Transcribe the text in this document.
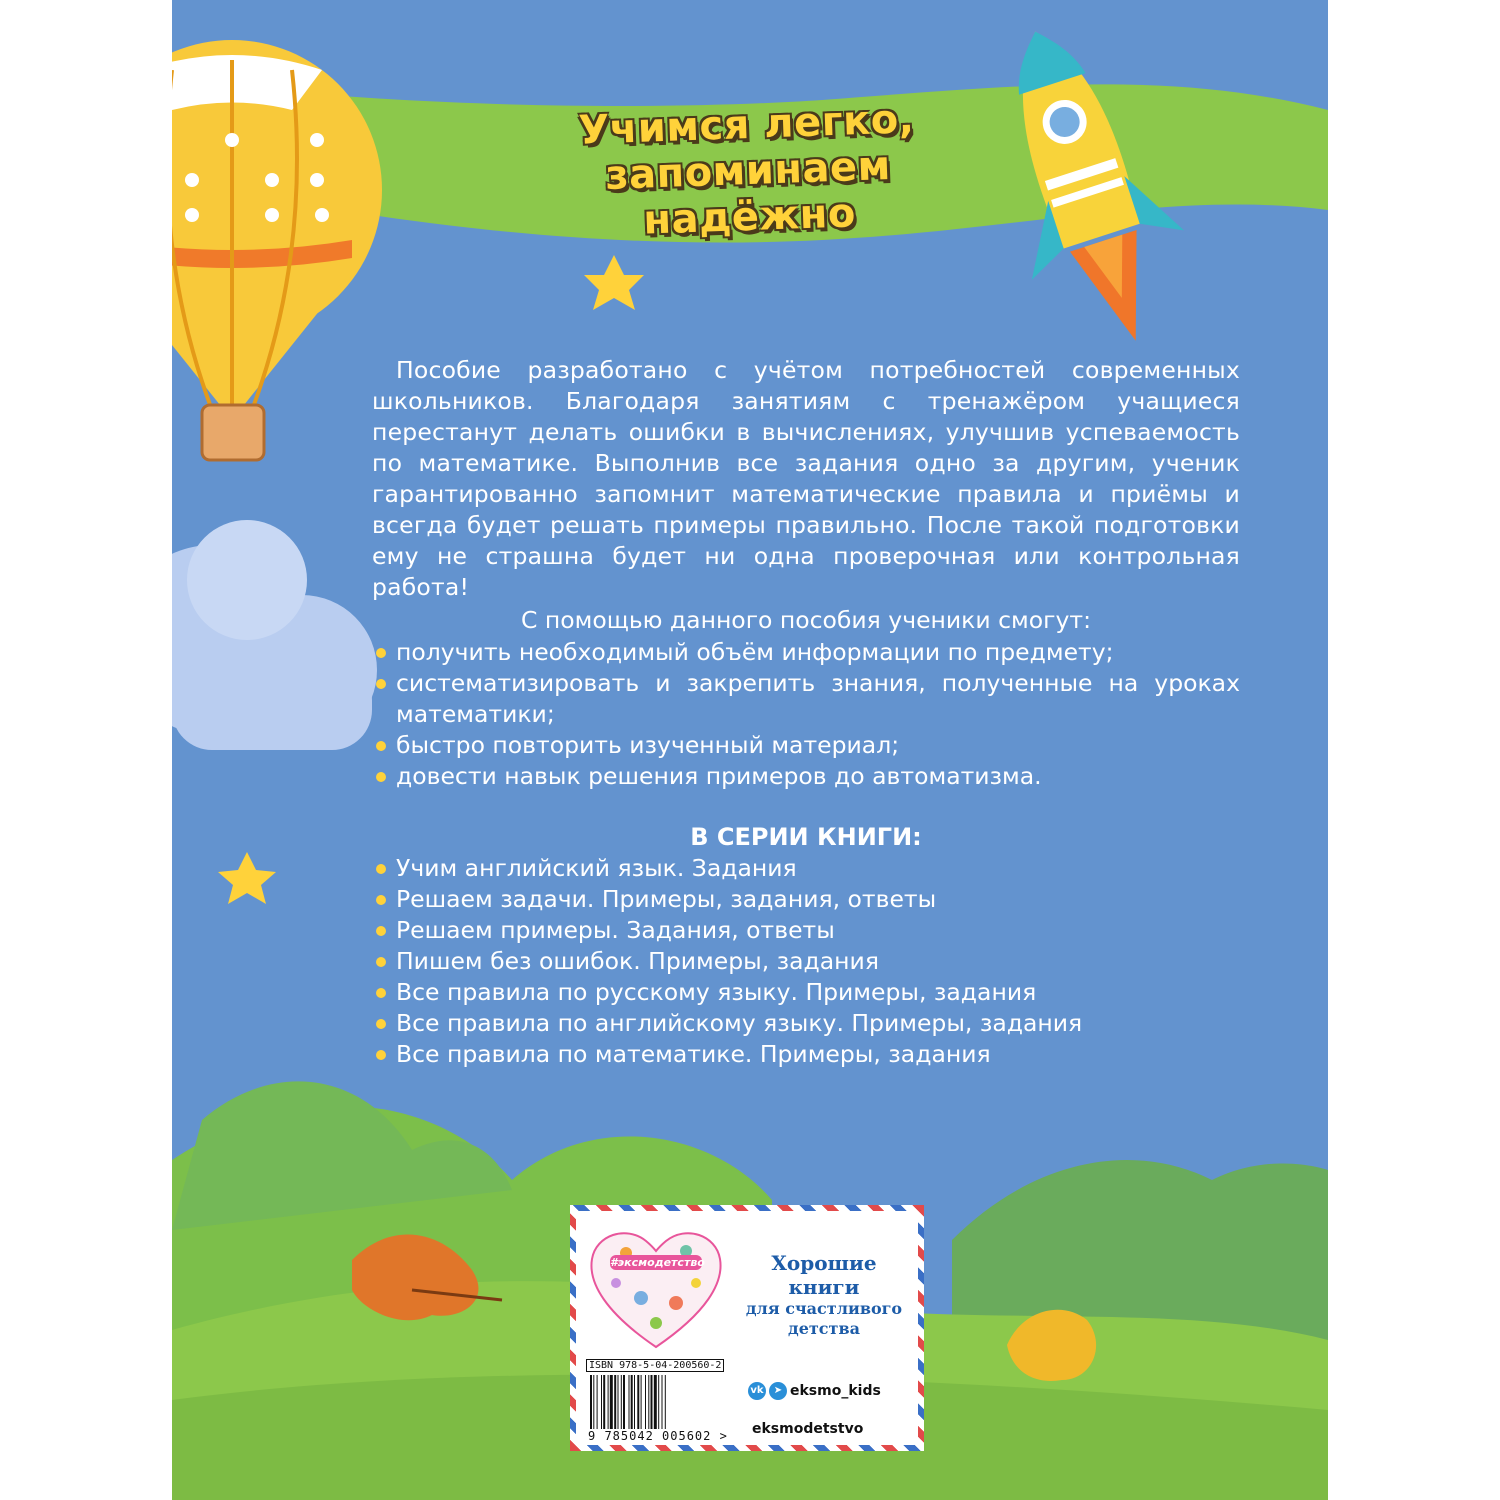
Учимся легко,
запоминаем надёжно
Пособие разработано с учётом потребностей современных школьников. Благодаря занятиям с тренажёром учащиеся перестанут делать ошибки в вычислениях, улучшив успеваемость по математике. Выполнив все задания одно за другим, ученик гарантированно запомнит математические правила и приёмы и всегда будет решать примеры правильно. После такой подготовки ему не страшна будет ни одна проверочная или контрольная работа!
С помощью данного пособия ученики смогут:
получить необходимый объём информации по предмету;
систематизировать и закрепить знания, полученные на уроках математики;
быстро повторить изученный материал;
довести навык решения примеров до автоматизма.
В СЕРИИ КНИГИ:
Учим английский язык. Задания
Решаем задачи. Примеры, задания, ответы
Решаем примеры. Задания, ответы
Пишем без ошибок. Примеры, задания
Все правила по русскому языку. Примеры, задания
Все правила по английскому языку. Примеры, задания
Все правила по математике. Примеры, задания
#эксмодетство	Хорошие
книги
для счастливого
детства
ISBN 978-5-04-200560-2
9 785042 005602 >
vk	➤ eksmo_kids
eksmodetstvo
